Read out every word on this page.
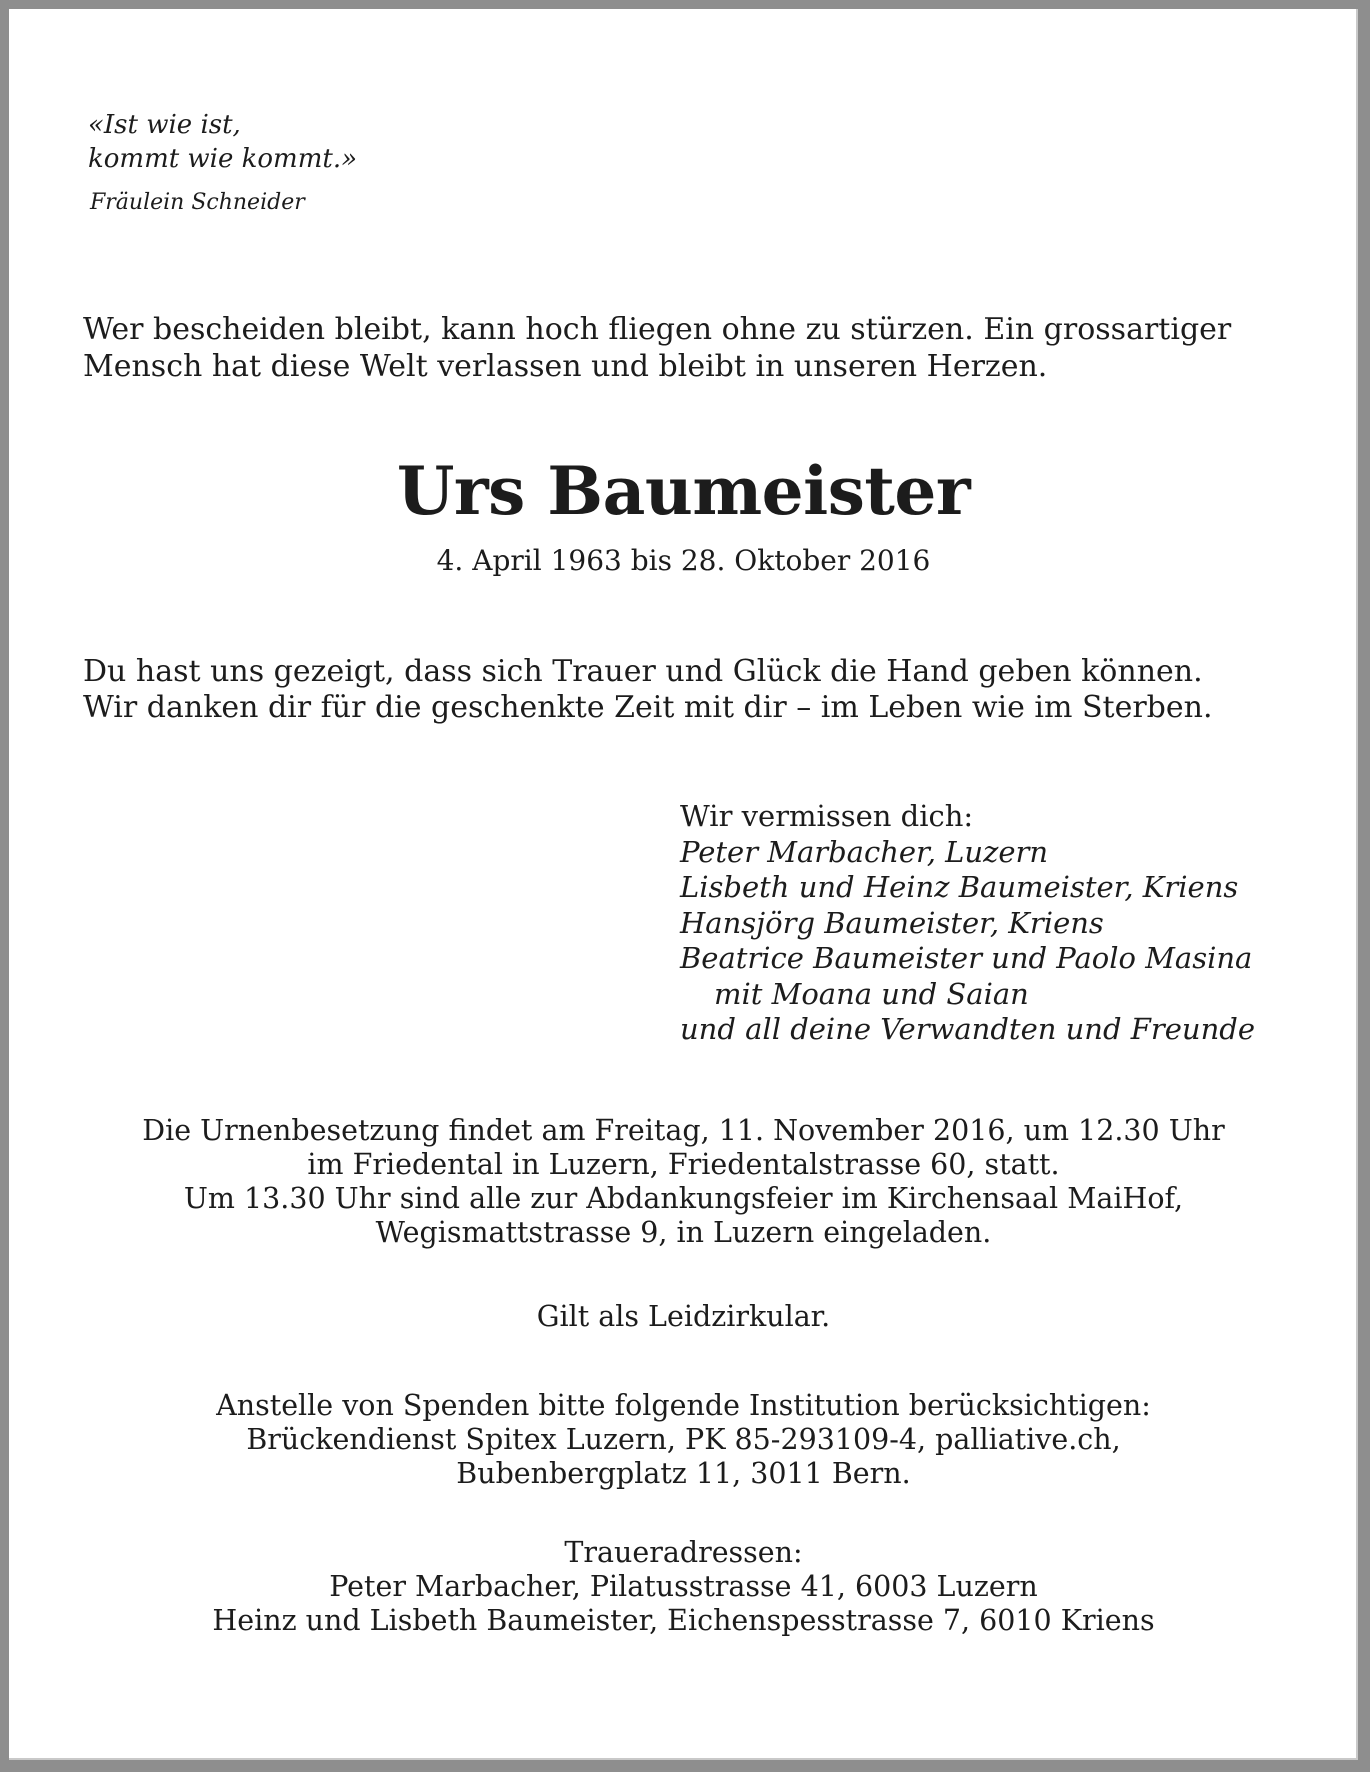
«Ist wie ist,
kommt wie kommt.»
Fräulein Schneider
Wer bescheiden bleibt, kann hoch fliegen ohne zu stürzen. Ein grossartiger
Mensch hat diese Welt verlassen und bleibt in unseren Herzen.
Urs Baumeister
4. April 1963 bis 28. Oktober 2016
Du hast uns gezeigt, dass sich Trauer und Glück die Hand geben können.
Wir danken dir für die geschenkte Zeit mit dir – im Leben wie im Sterben.
Wir vermissen dich:
Peter Marbacher, Luzern
Lisbeth und Heinz Baumeister, Kriens
Hansjörg Baumeister, Kriens
Beatrice Baumeister und Paolo Masina
mit Moana und Saian
und all deine Verwandten und Freunde
Die Urnenbesetzung findet am Freitag, 11. November 2016, um 12.30 Uhr
im Friedental in Luzern, Friedentalstrasse 60, statt.
Um 13.30 Uhr sind alle zur Abdankungsfeier im Kirchensaal MaiHof,
Wegismattstrasse 9, in Luzern eingeladen.
Gilt als Leidzirkular.
Anstelle von Spenden bitte folgende Institution berücksichtigen:
Brückendienst Spitex Luzern, PK 85-293109-4, palliative.ch,
Bubenbergplatz 11, 3011 Bern.
Traueradressen:
Peter Marbacher, Pilatusstrasse 41, 6003 Luzern
Heinz und Lisbeth Baumeister, Eichenspesstrasse 7, 6010 Kriens
